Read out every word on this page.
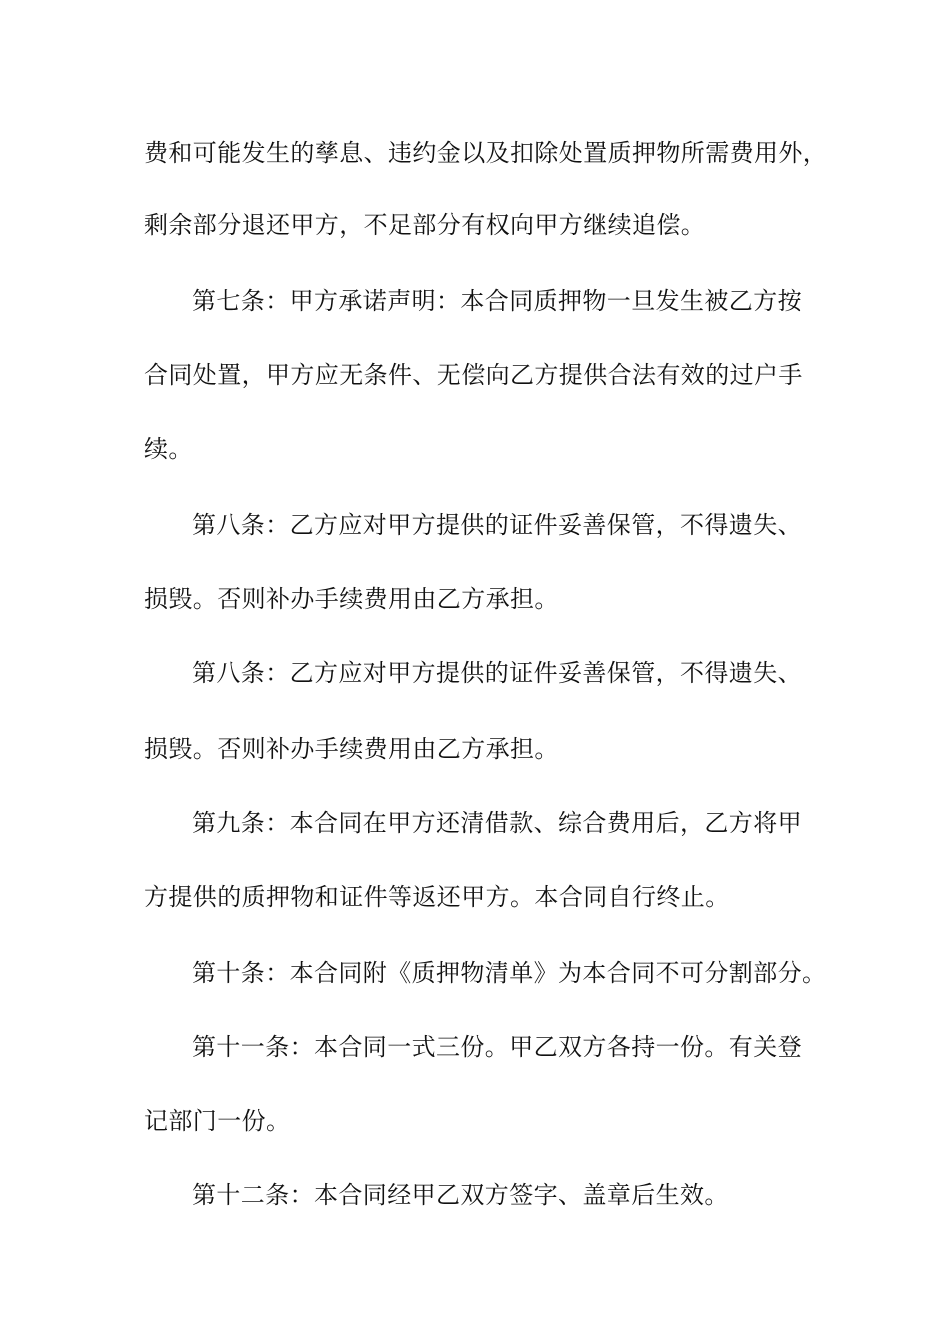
费和可能发生的孳息、违约金以及扣除处置质押物所需费用外，
剩余部分退还甲方，不足部分有权向甲方继续追偿。
第七条：甲方承诺声明：本合同质押物一旦发生被乙方按
合同处置，甲方应无条件、无偿向乙方提供合法有效的过户手
续。
第八条：乙方应对甲方提供的证件妥善保管，不得遗失、
损毁。否则补办手续费用由乙方承担。
第八条：乙方应对甲方提供的证件妥善保管，不得遗失、
损毁。否则补办手续费用由乙方承担。
第九条：本合同在甲方还清借款、综合费用后，乙方将甲
方提供的质押物和证件等返还甲方。本合同自行终止。
第十条：本合同附《质押物清单》为本合同不可分割部分。
第十一条：本合同一式三份。甲乙双方各持一份。有关登
记部门一份。
第十二条：本合同经甲乙双方签字、盖章后生效。
